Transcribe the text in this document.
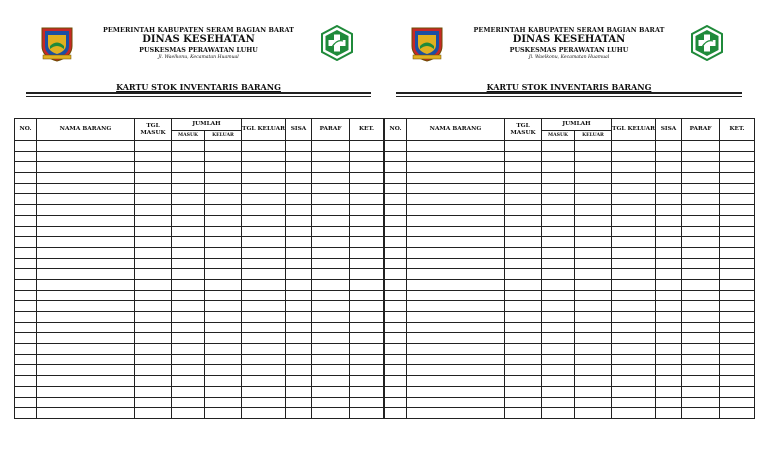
PEMERINTAH KABUPATEN SERAM BAGIAN BARAT
DINAS KESEHATAN
PUSKESMAS PERAWATAN LUHU
Jl. Waelkonu, Kecamatan Huamual
KARTU STOK INVENTARIS BARANG
NO.	NAMA BARANG	TGL MASUK	JUMLAH		TGL KELUAR	SISA	PARAF	KET.
			MASUK	KELUAR				

PEMERINTAH KABUPATEN SERAM BAGIAN BARAT
DINAS KESEHATAN
PUSKESMAS PERAWATAN LUHU
Jl. Waelkonu, Kecamatan Huamual
KARTU STOK INVENTARIS BARANG
NO.	NAMA BARANG	TGL MASUK	JUMLAH		TGL KELUAR	SISA	PARAF	KET.
			MASUK	KELUAR				
